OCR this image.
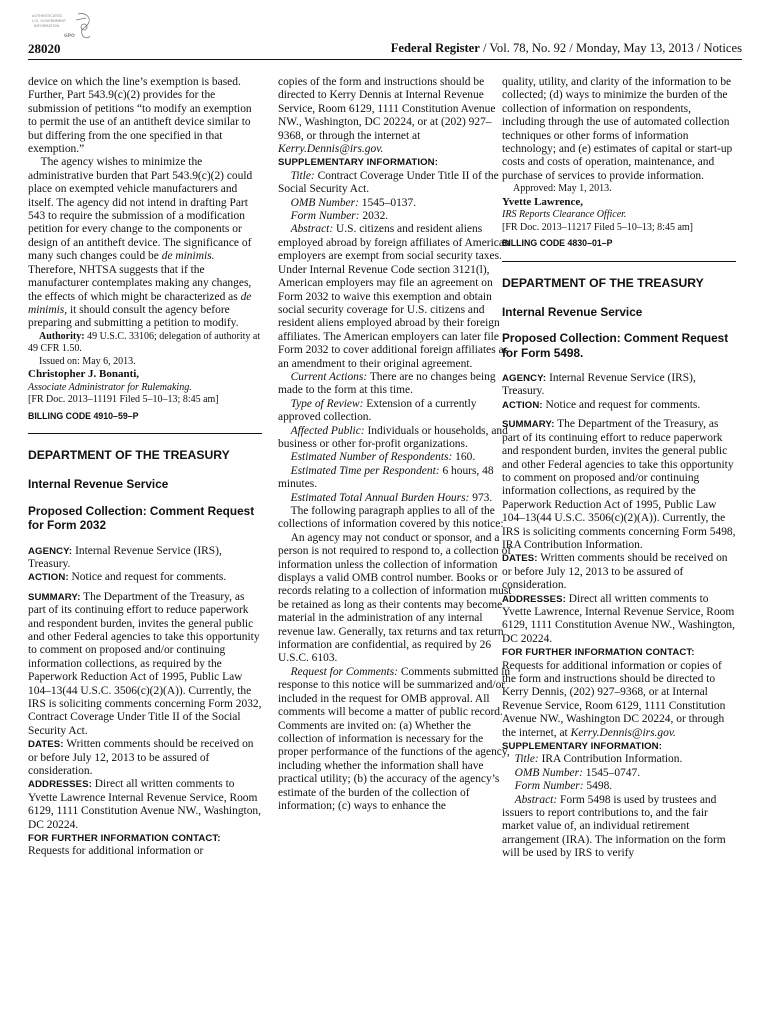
AUTHENTICATED
U.S. GOVERNMENT
INFORMATION
GPO
28020	Federal Register / Vol. 78, No. 92 / Monday, May 13, 2013 / Notices

device on which the line’s exemption is based. Further, Part 543.9(c)(2) provides for the submission of petitions “to modify an exemption to permit the use of an antitheft device similar to but differing from the one specified in that exemption.”

The agency wishes to minimize the administrative burden that Part 543.9(c)(2) could place on exempted vehicle manufacturers and itself. The agency did not intend in drafting Part 543 to require the submission of a modification petition for every change to the components or design of an antitheft device. The significance of many such changes could be de minimis. Therefore, NHTSA suggests that if the manufacturer contemplates making any changes, the effects of which might be characterized as de minimis, it should consult the agency before preparing and submitting a petition to modify.

Authority: 49 U.S.C. 33106; delegation of authority at 49 CFR 1.50.

Issued on: May 6, 2013.

Christopher J. Bonanti,

Associate Administrator for Rulemaking.

[FR Doc. 2013–11191 Filed 5–10–13; 8:45 am]

BILLING CODE 4910–59–P
DEPARTMENT OF THE TREASURY
Internal Revenue Service
Proposed Collection: Comment Request for Form 2032

AGENCY: Internal Revenue Service (IRS), Treasury.

ACTION: Notice and request for comments.

SUMMARY: The Department of the Treasury, as part of its continuing effort to reduce paperwork and respondent burden, invites the general public and other Federal agencies to take this opportunity to comment on proposed and/or continuing information collections, as required by the Paperwork Reduction Act of 1995, Public Law 104–13(44 U.S.C. 3506(c)(2)(A)). Currently, the IRS is soliciting comments concerning Form 2032, Contract Coverage Under Title II of the Social Security Act.

DATES: Written comments should be received on or before July 12, 2013 to be assured of consideration.

ADDRESSES: Direct all written comments to Yvette Lawrence Internal Revenue Service, Room 6129, 1111 Constitution Avenue NW., Washington, DC 20224.

FOR FURTHER INFORMATION CONTACT:

Requests for additional information or

copies of the form and instructions should be directed to Kerry Dennis at Internal Revenue Service, Room 6129, 1111 Constitution Avenue NW., Washington, DC 20224, or at (202) 927–9368, or through the internet at Kerry.Dennis@irs.gov.

SUPPLEMENTARY INFORMATION:

Title: Contract Coverage Under Title II of the Social Security Act.

OMB Number: 1545–0137.

Form Number: 2032.

Abstract: U.S. citizens and resident aliens employed abroad by foreign affiliates of American employers are exempt from social security taxes. Under Internal Revenue Code section 3121(l), American employers may file an agreement on Form 2032 to waive this exemption and obtain social security coverage for U.S. citizens and resident aliens employed abroad by their foreign affiliates. The American employers can later file Form 2032 to cover additional foreign affiliates as an amendment to their original agreement.

Current Actions: There are no changes being made to the form at this time.

Type of Review: Extension of a currently approved collection.

Affected Public: Individuals or households, and business or other for-profit organizations.

Estimated Number of Respondents: 160.

Estimated Time per Respondent: 6 hours, 48 minutes.

Estimated Total Annual Burden Hours: 973.

The following paragraph applies to all of the collections of information covered by this notice:

An agency may not conduct or sponsor, and a person is not required to respond to, a collection of information unless the collection of information displays a valid OMB control number. Books or records relating to a collection of information must be retained as long as their contents may become material in the administration of any internal revenue law. Generally, tax returns and tax return information are confidential, as required by 26 U.S.C. 6103.

Request for Comments: Comments submitted in response to this notice will be summarized and/or included in the request for OMB approval. All comments will become a matter of public record. Comments are invited on: (a) Whether the collection of information is necessary for the proper performance of the functions of the agency, including whether the information shall have practical utility; (b) the accuracy of the agency’s estimate of the burden of the collection of information; (c) ways to enhance the

quality, utility, and clarity of the information to be collected; (d) ways to minimize the burden of the collection of information on respondents, including through the use of automated collection techniques or other forms of information technology; and (e) estimates of capital or start-up costs and costs of operation, maintenance, and purchase of services to provide information.

Approved: May 1, 2013.

Yvette Lawrence,

IRS Reports Clearance Officer.

[FR Doc. 2013–11217 Filed 5–10–13; 8:45 am]

BILLING CODE 4830–01–P
DEPARTMENT OF THE TREASURY
Internal Revenue Service
Proposed Collection: Comment Request for Form 5498.

AGENCY: Internal Revenue Service (IRS), Treasury.

ACTION: Notice and request for comments.

SUMMARY: The Department of the Treasury, as part of its continuing effort to reduce paperwork and respondent burden, invites the general public and other Federal agencies to take this opportunity to comment on proposed and/or continuing information collections, as required by the Paperwork Reduction Act of 1995, Public Law 104–13(44 U.S.C. 3506(c)(2)(A)). Currently, the IRS is soliciting comments concerning Form 5498, IRA Contribution Information.

DATES: Written comments should be received on or before July 12, 2013 to be assured of consideration.

ADDRESSES: Direct all written comments to Yvette Lawrence, Internal Revenue Service, Room 6129, 1111 Constitution Avenue NW., Washington, DC 20224.

FOR FURTHER INFORMATION CONTACT:

Requests for additional information or copies of the form and instructions should be directed to Kerry Dennis, (202) 927–9368, or at Internal Revenue Service, Room 6129, 1111 Constitution Avenue NW., Washington DC 20224, or through the internet, at Kerry.Dennis@irs.gov.

SUPPLEMENTARY INFORMATION:

Title: IRA Contribution Information.

OMB Number: 1545–0747.

Form Number: 5498.

Abstract: Form 5498 is used by trustees and issuers to report contributions to, and the fair market value of, an individual retirement arrangement (IRA). The information on the form will be used by IRS to verify
